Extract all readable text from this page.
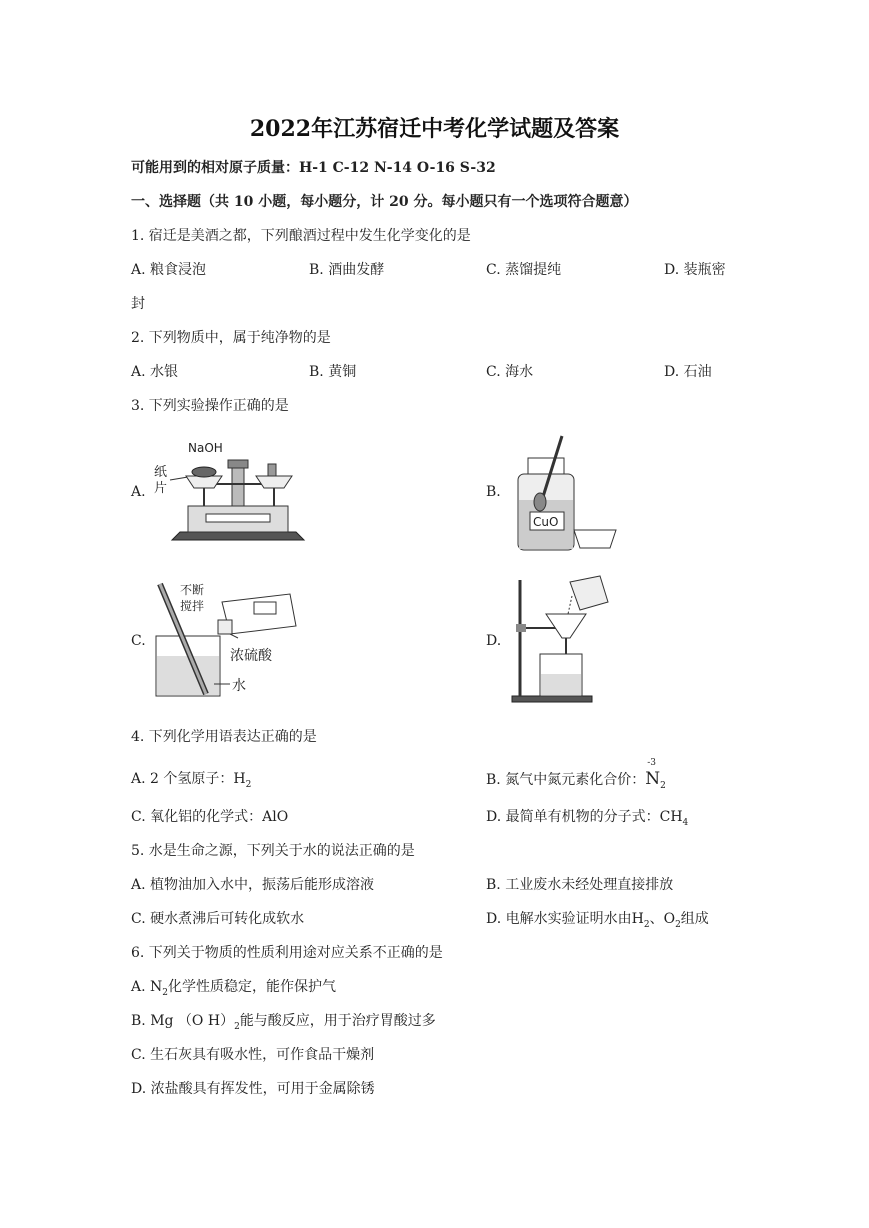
2022年江苏宿迁中考化学试题及答案
可能用到的相对原子质量：H-1 C-12 N-14 O-16 S-32
一、选择题（共 10 小题，每小题分，计 20 分。每小题只有一个选项符合题意）
1. 宿迁是美酒之都，下列酿酒过程中发生化学变化的是
A. 粮食浸泡	B. 酒曲发酵	C. 蒸馏提纯	D. 装瓶密
封
2. 下列物质中，属于纯净物的是
A. 水银	B. 黄铜	C. 海水	D. 石油
3. 下列实验操作正确的是
A.	B.
C.	D.
NaOH
纸
片
CuO
不断
搅拌
浓硫酸
水
4. 下列化学用语表达正确的是
A. 2 个氢原子：$H_2$	B. 氮气中氮元素化合价：
-3
$N_2$
C. 氧化铝的化学式：AlO	D. 最简单有机物的分子式：$CH_4$
5. 水是生命之源，下列关于水的说法正确的是
A. 植物油加入水中，振荡后能形成溶液	B. 工业废水未经处理直接排放
C. 硬水煮沸后可转化成软水	D. 电解水实验证明水由$H_2$、$O_2$组成
6. 下列关于物质的性质利用途对应关系不正确的是
A. $N_2$化学性质稳定，能作保护气
B. Mg （O $H)_2$能与酸反应，用于治疗胃酸过多
C. 生石灰具有吸水性，可作食品干燥剂
D. 浓盐酸具有挥发性，可用于金属除锈
